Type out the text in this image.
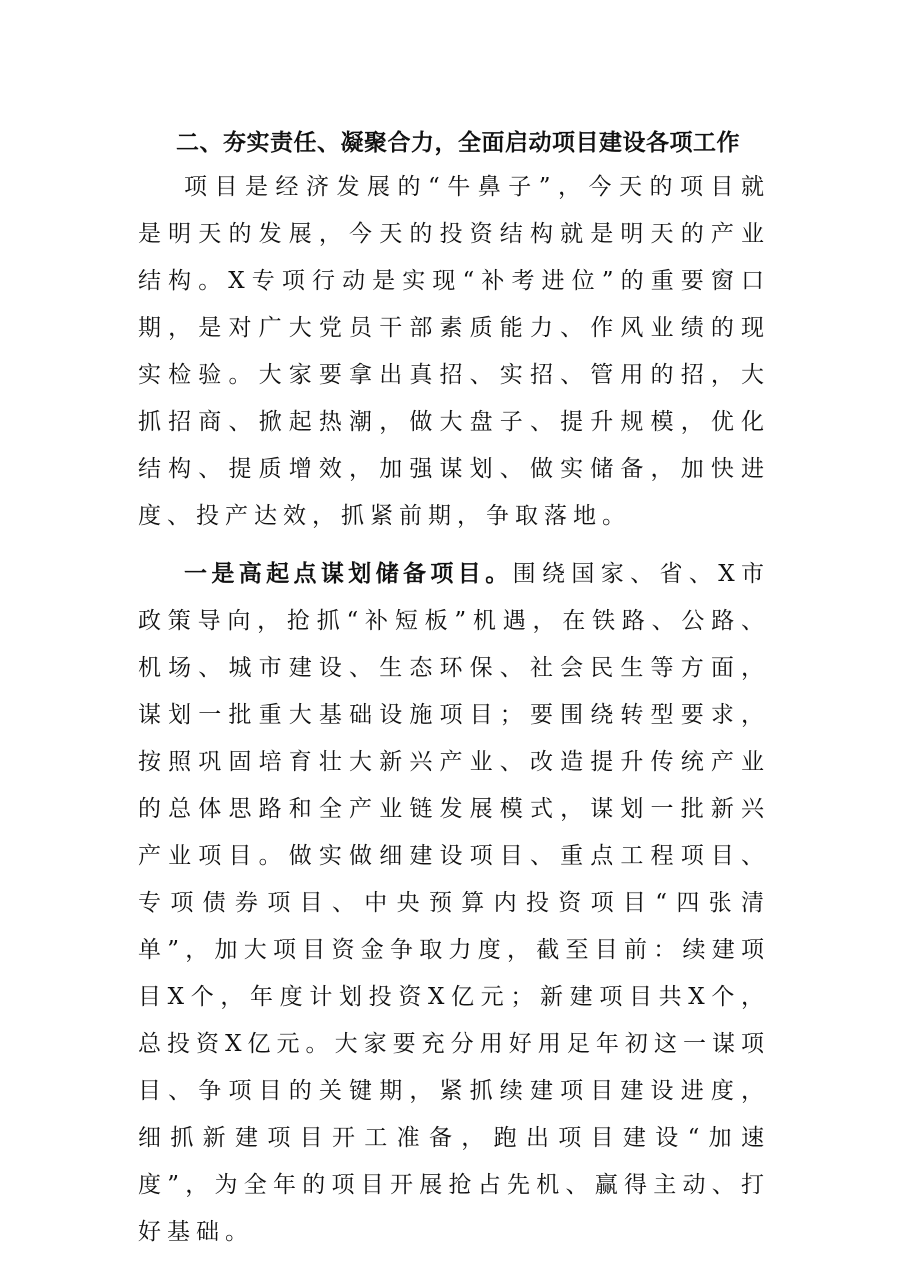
二、夯实责任、凝聚合力，全面启动项目建设各项工作

项目是经济发展的“牛鼻子”，今天的项目就是明天的发展，今天的投资结构就是明天的产业结构。X专项行动是实现“补考进位”的重要窗口期，是对广大党员干部素质能力、作风业绩的现实检验。大家要拿出真招、实招、管用的招，大抓招商、掀起热潮，做大盘子、提升规模，优化结构、提质增效，加强谋划、做实储备，加快进度、投产达效，抓紧前期，争取落地。

一是高起点谋划储备项目。围绕国家、省、X市政策导向，抢抓“补短板”机遇，在铁路、公路、机场、城市建设、生态环保、社会民生等方面，谋划一批重大基础设施项目；要围绕转型要求，按照巩固培育壮大新兴产业、改造提升传统产业的总体思路和全产业链发展模式，谋划一批新兴产业项目。做实做细建设项目、重点工程项目、专项债券项目、中央预算内投资项目“四张清单”，加大项目资金争取力度，截至目前：续建项目X个，年度计划投资X亿元；新建项目共X个，总投资X亿元。大家要充分用好用足年初这一谋项目、争项目的关键期，紧抓续建项目建设进度，细抓新建项目开工准备，跑出项目建设“加速度”，为全年的项目开展抢占先机、赢得主动、打好基础。
